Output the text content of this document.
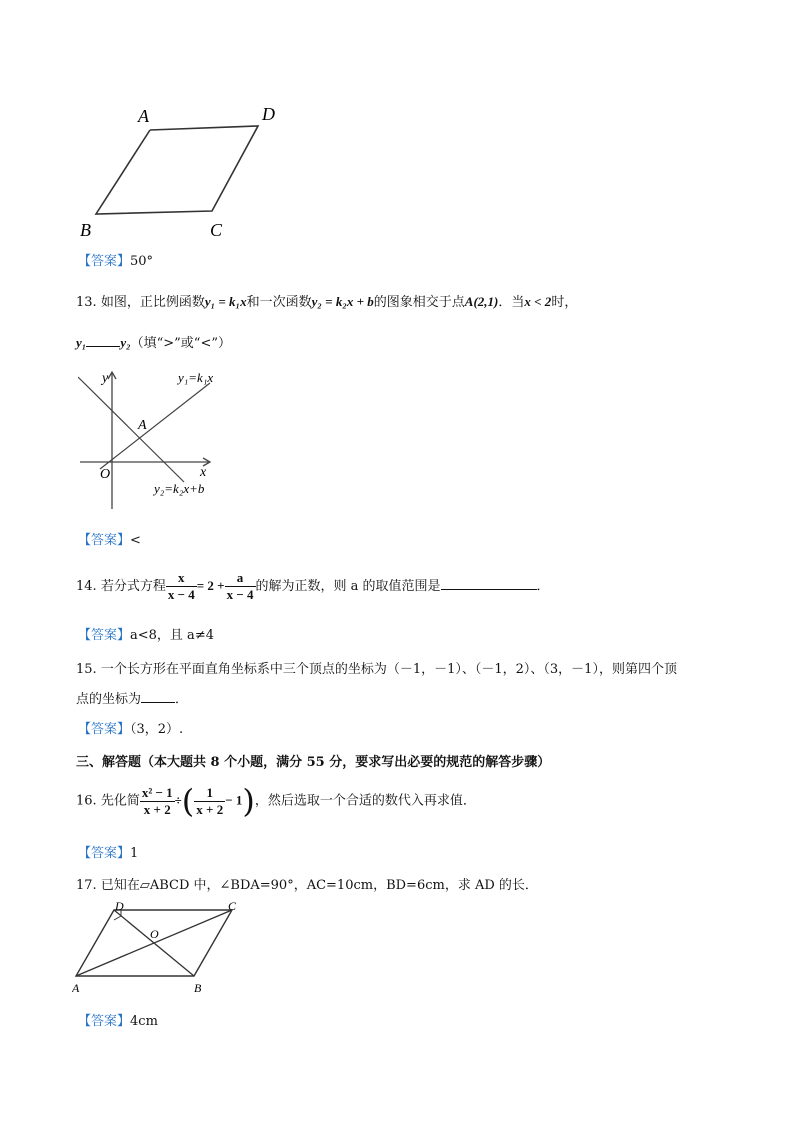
A	D
B	C
【答案】50°
13. 如图，正比例函数y₁ = k₁x和一次函数y₂ = k₂x + b的图象相交于点A(2,1)．当x < 2时，
y₁	y₂（填“>”或“<”）
y
x
O
A
y₁=k₁x
y₂=k₂x+b
【答案】<
14. 若分式方程 $\frac{x}{x - 4} = 2 + \frac{a}{x - 4}$ 的解为正数，则 a 的取值范围是	．
【答案】a<8，且 a≠4
15. 一个长方形在平面直角坐标系中三个顶点的坐标为（－1，－1）、（－1，2）、（3，－1），则第四个顶
点的坐标为	．
【答案】（3，2）.
三、解答题（本大题共 8 个小题，满分 55 分，要求写出必要的规范的解答步骤）
16. 先化简 $\frac{\text{x² − 1}}{x + 2}$ ÷( $\frac{1}{x + 2} - 1$)，然后选取一个合适的数代入再求值．
【答案】1
17. 已知在▱ABCD 中，∠BDA=90°，AC=10cm，BD=6cm，求 AD 的长．
D	C
O
A	B
【答案】4cm
